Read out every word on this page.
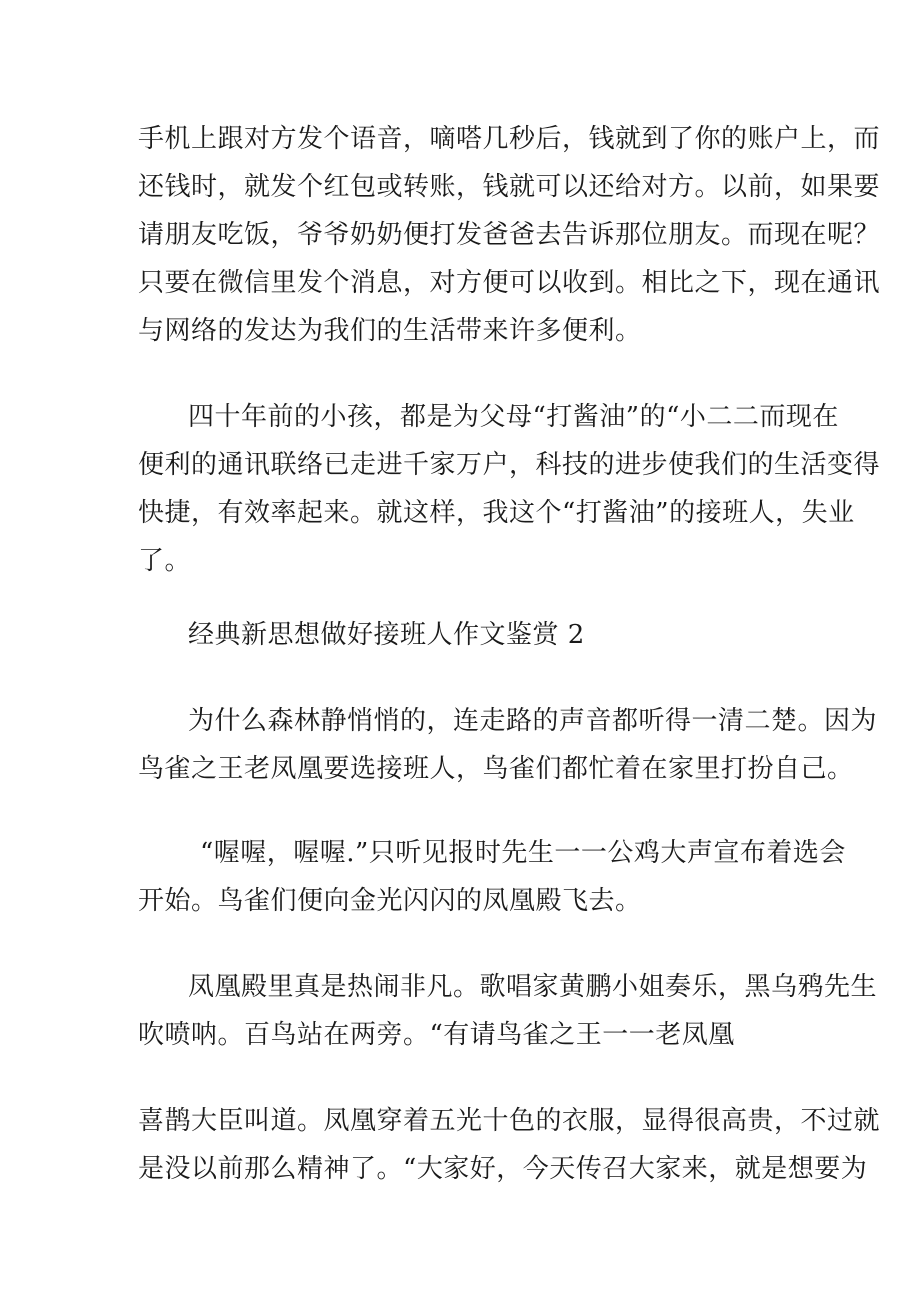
手机上跟对方发个语音，嘀嗒几秒后，钱就到了你的账户上，而
还钱时，就发个红包或转账，钱就可以还给对方。以前，如果要
请朋友吃饭，爷爷奶奶便打发爸爸去告诉那位朋友。而现在呢？
只要在微信里发个消息，对方便可以收到。相比之下，现在通讯
与网络的发达为我们的生活带来许多便利。
四十年前的小孩，都是为父母“打酱油”的“小二二而现在
便利的通讯联络已走进千家万户，科技的进步使我们的生活变得
快捷，有效率起来。就这样，我这个“打酱油”的接班人，失业
了。
经典新思想做好接班人作文鉴赏 2
为什么森林静悄悄的，连走路的声音都听得一清二楚。因为
鸟雀之王老凤凰要选接班人，鸟雀们都忙着在家里打扮自己。
“喔喔，喔喔.”只听见报时先生一一公鸡大声宣布着选会
开始。鸟雀们便向金光闪闪的凤凰殿飞去。
凤凰殿里真是热闹非凡。歌唱家黄鹏小姐奏乐，黑乌鸦先生
吹喷呐。百鸟站在两旁。“有请鸟雀之王一一老凤凰
喜鹊大臣叫道。凤凰穿着五光十色的衣服，显得很高贵，不过就
是没以前那么精神了。“大家好，今天传召大家来，就是想要为
